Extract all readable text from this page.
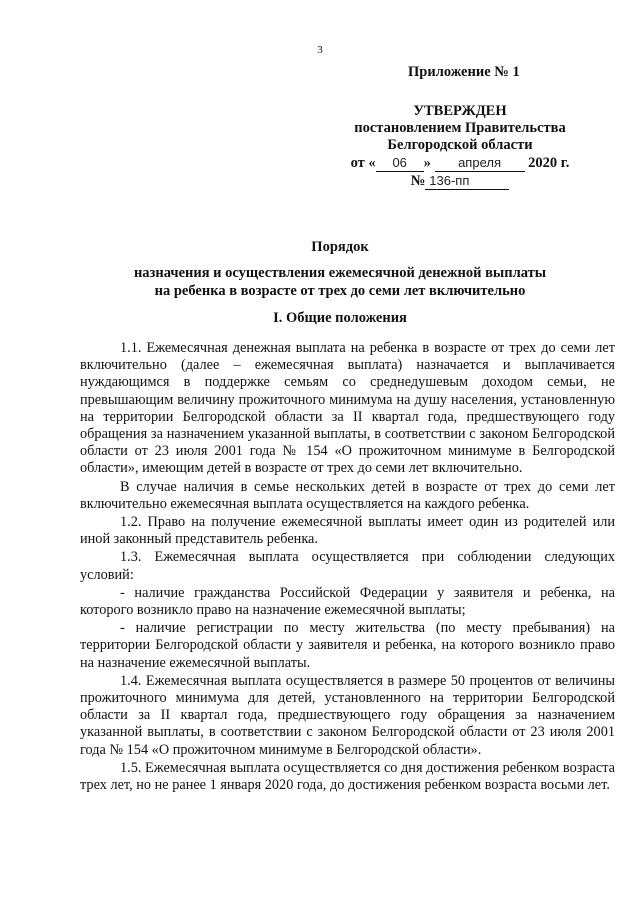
3
Приложение № 1
УТВЕРЖДЕН
постановлением Правительства
Белгородской области
от « 06 » апреля 2020 г.
№ 136-пп
Порядок
назначения и осуществления ежемесячной денежной выплаты
на ребенка в возрасте от трех до семи лет включительно
I. Общие положения

1.1. Ежемесячная денежная выплата на ребенка в возрасте от трех до семи лет включительно (далее – ежемесячная выплата) назначается и выплачивается нуждающимся в поддержке семьям со среднедушевым доходом семьи, не превышающим величину прожиточного минимума на душу населения, установленную на территории Белгородской области за II квартал года, предшествующего году обращения за назначением указанной выплаты, в соответствии с законом Белгородской области от 23 июля 2001 года № 154 «О прожиточном минимуме в Белгородской области», имеющим детей в возрасте от трех до семи лет включительно.

В случае наличия в семье нескольких детей в возрасте от трех до семи лет включительно ежемесячная выплата осуществляется на каждого ребенка.

1.2. Право на получение ежемесячной выплаты имеет один из родителей или иной законный представитель ребенка.

1.3. Ежемесячная выплата осуществляется при соблюдении следующих условий:

- наличие гражданства Российской Федерации у заявителя и ребенка, на которого возникло право на назначение ежемесячной выплаты;

- наличие регистрации по месту жительства (по месту пребывания) на территории Белгородской области у заявителя и ребенка, на которого возникло право на назначение ежемесячной выплаты.

1.4. Ежемесячная выплата осуществляется в размере 50 процентов от величины прожиточного минимума для детей, установленного на территории Белгородской области за II квартал года, предшествующего году обращения за назначением указанной выплаты, в соответствии с законом Белгородской области от 23 июля 2001 года № 154 «О прожиточном минимуме в Белгородской области».

1.5. Ежемесячная выплата осуществляется со дня достижения ребенком возраста трех лет, но не ранее 1 января 2020 года, до достижения ребенком возраста восьми лет.
